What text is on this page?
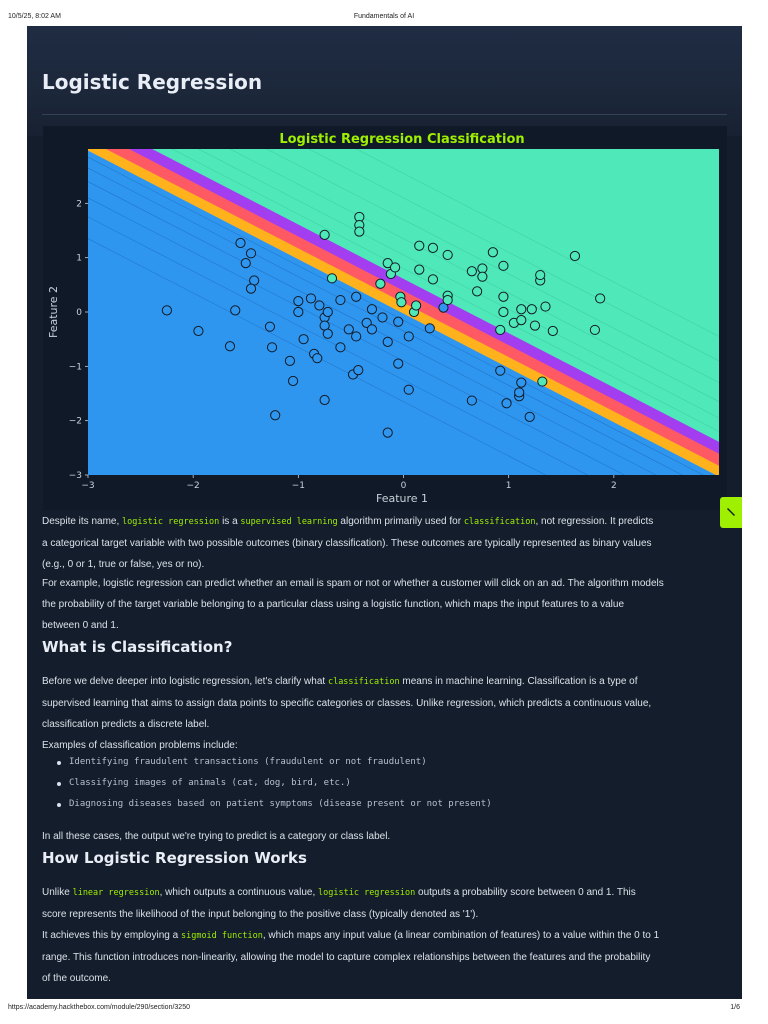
10/5/25, 8:02 AM	Fundamentals of AI
Logistic Regression
Logistic Regression Classification
Feature 1
Feature 2
−3
−3
−2
−2
−1
−1
0
0
1
1
2
2
Despite its name, logistic regression is a supervised learning algorithm primarily used for classification, not regression. It predicts
a categorical target variable with two possible outcomes (binary classification). These outcomes are typically represented as binary values
(e.g., 0 or 1, true or false, yes or no).
For example, logistic regression can predict whether an email is spam or not or whether a customer will click on an ad. The algorithm models
the probability of the target variable belonging to a particular class using a logistic function, which maps the input features to a value
between 0 and 1.
What is Classification?
Before we delve deeper into logistic regression, let's clarify what classification means in machine learning. Classification is a type of
supervised learning that aims to assign data points to specific categories or classes. Unlike regression, which predicts a continuous value,
classification predicts a discrete label.
Examples of classification problems include:
Identifying fraudulent transactions (fraudulent or not fraudulent)
Classifying images of animals (cat, dog, bird, etc.)
Diagnosing diseases based on patient symptoms (disease present or not present)
In all these cases, the output we're trying to predict is a category or class label.
How Logistic Regression Works
Unlike linear regression, which outputs a continuous value, logistic regression outputs a probability score between 0 and 1. This
score represents the likelihood of the input belonging to the positive class (typically denoted as '1').
It achieves this by employing a sigmoid function, which maps any input value (a linear combination of features) to a value within the 0 to 1
range. This function introduces non-linearity, allowing the model to capture complex relationships between the features and the probability
of the outcome.
https://academy.hackthebox.com/module/290/section/3250	1/6
